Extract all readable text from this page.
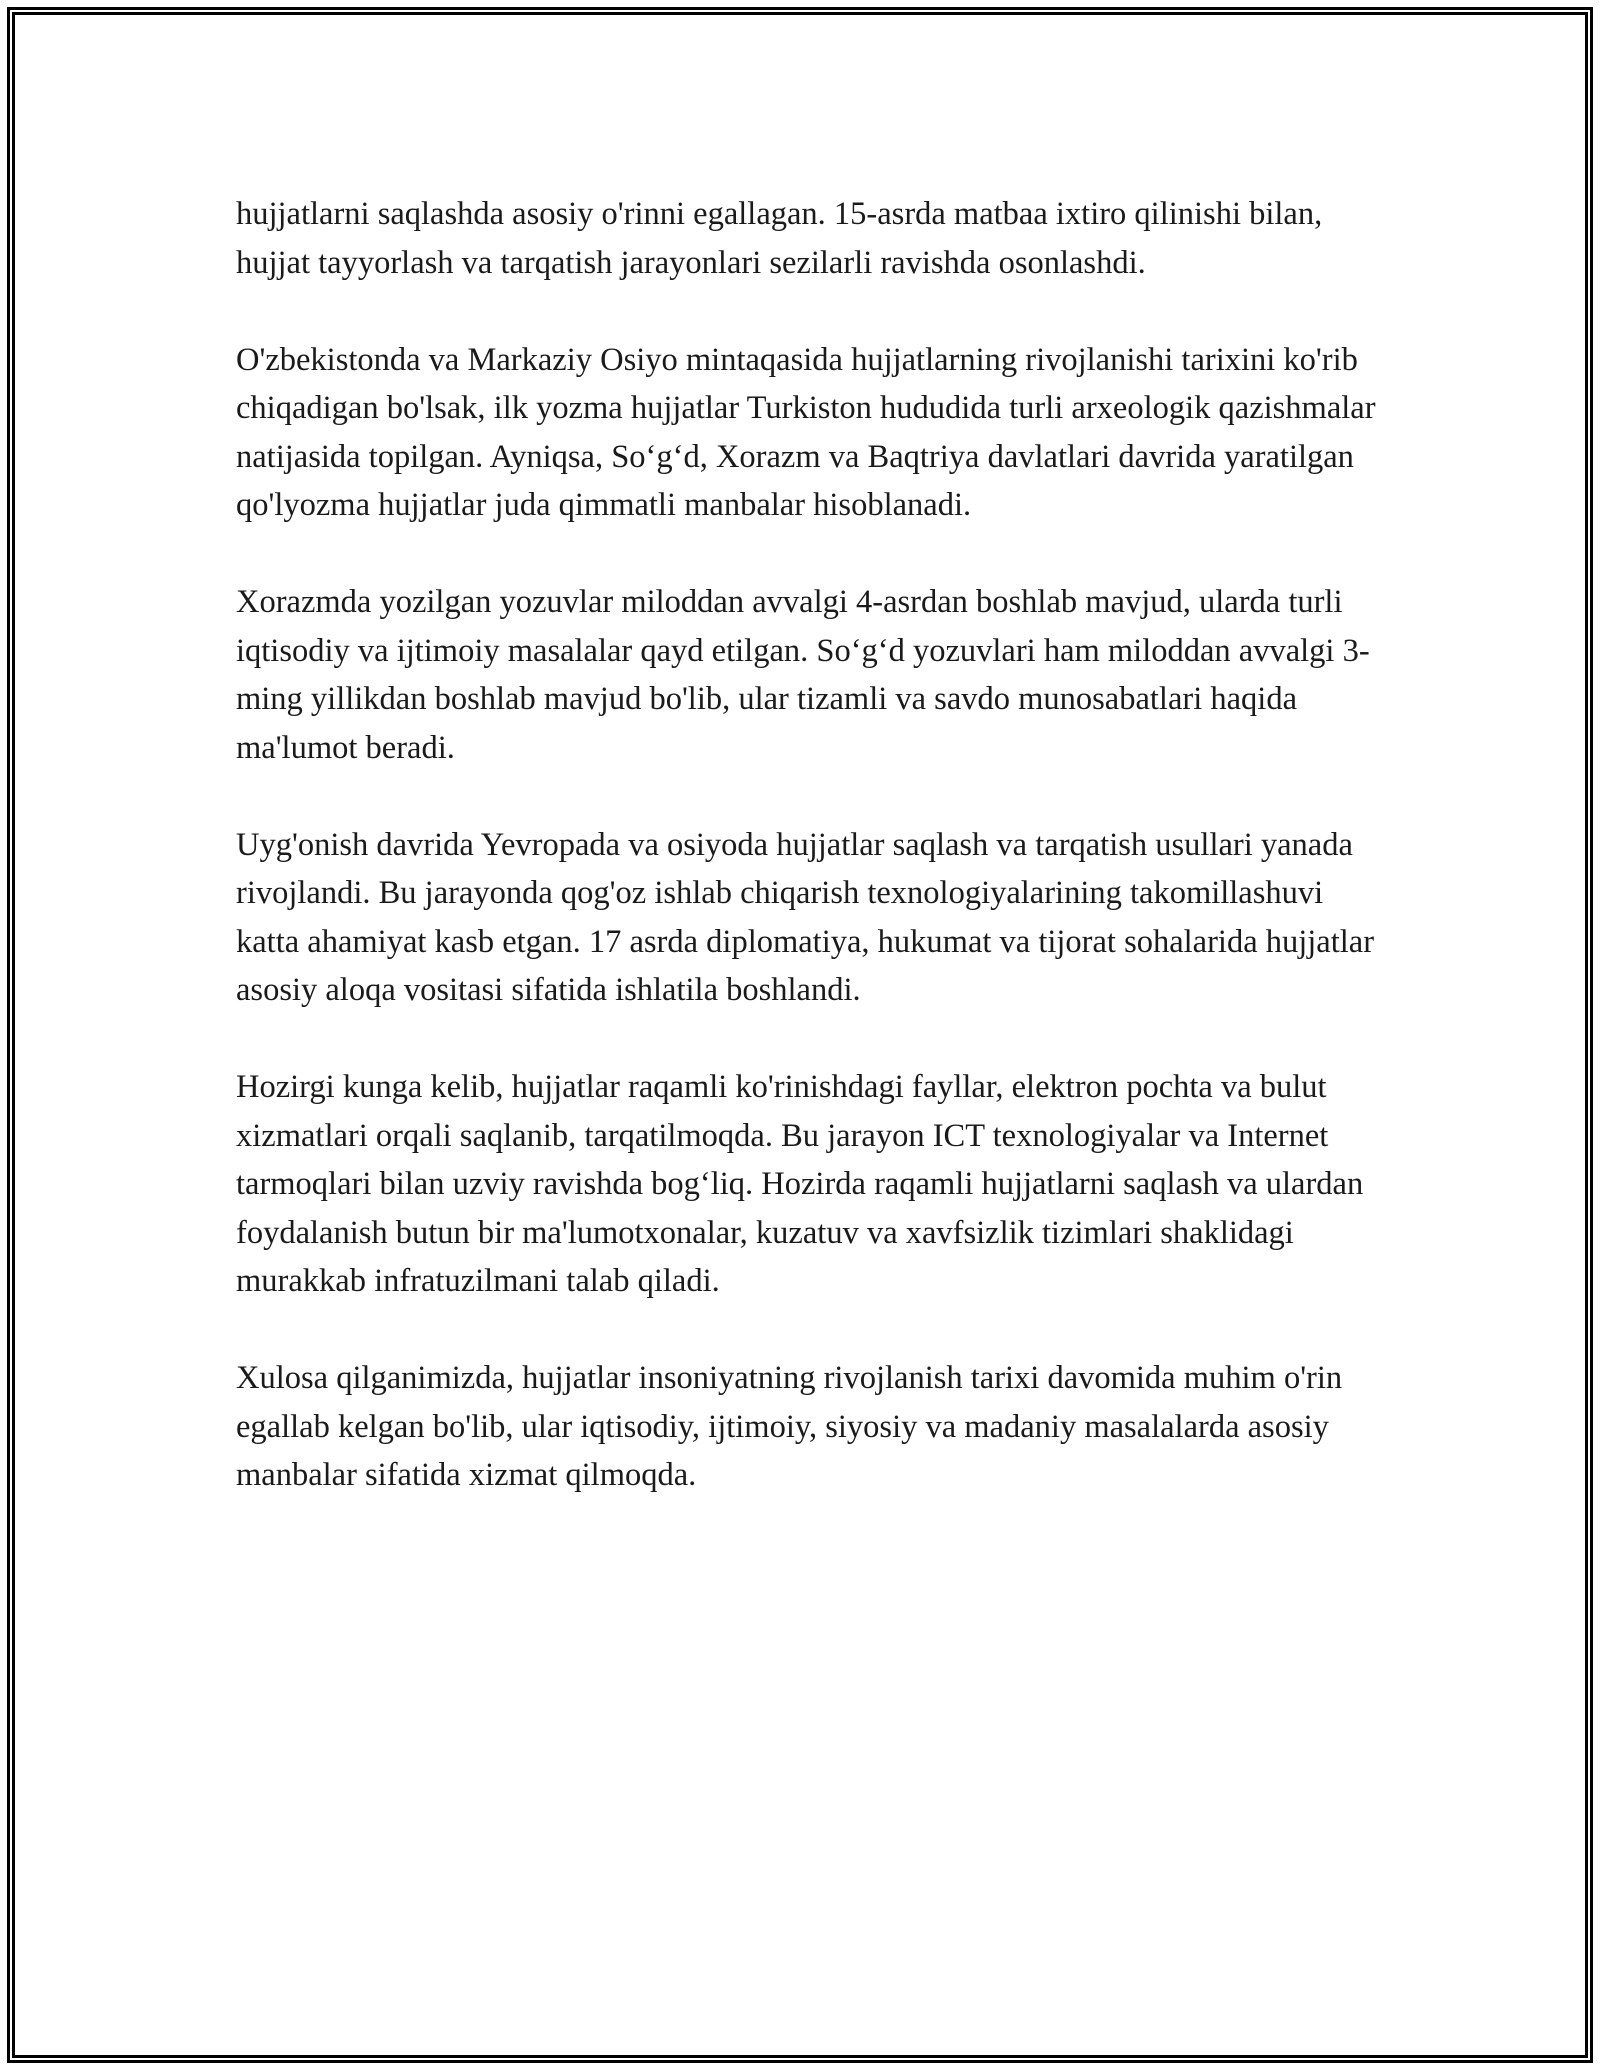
hujjatlarni saqlashda asosiy o'rinni egallagan. 15-asrda matbaa ixtiro qilinishi bilan, hujjat tayyorlash va tarqatish jarayonlari sezilarli ravishda osonlashdi.

O'zbekistonda va Markaziy Osiyo mintaqasida hujjatlarning rivojlanishi tarixini ko'rib chiqadigan bo'lsak, ilk yozma hujjatlar Turkiston hududida turli arxeologik qazishmalar natijasida topilgan. Ayniqsa, So‘g‘d, Xorazm va Baqtriya davlatlari davrida yaratilgan qo'lyozma hujjatlar juda qimmatli manbalar hisoblanadi.

Xorazmda yozilgan yozuvlar miloddan avvalgi 4-asrdan boshlab mavjud, ularda turli iqtisodiy va ijtimoiy masalalar qayd etilgan. So‘g‘d yozuvlari ham miloddan avvalgi 3-ming yillikdan boshlab mavjud bo'lib, ular tizamli va savdo munosabatlari haqida ma'lumot beradi.

Uyg'onish davrida Yevropada va osiyoda hujjatlar saqlash va tarqatish usullari yanada rivojlandi. Bu jarayonda qog'oz ishlab chiqarish texnologiyalarining takomillashuvi katta ahamiyat kasb etgan. 17 asrda diplomatiya, hukumat va tijorat sohalarida hujjatlar asosiy aloqa vositasi sifatida ishlatila boshlandi.

Hozirgi kunga kelib, hujjatlar raqamli ko'rinishdagi fayllar, elektron pochta va bulut xizmatlari orqali saqlanib, tarqatilmoqda. Bu jarayon ICT texnologiyalar va Internet tarmoqlari bilan uzviy ravishda bog‘liq. Hozirda raqamli hujjatlarni saqlash va ulardan foydalanish butun bir ma'lumotxonalar, kuzatuv va xavfsizlik tizimlari shaklidagi murakkab infratuzilmani talab qiladi.

Xulosa qilganimizda, hujjatlar insoniyatning rivojlanish tarixi davomida muhim o'rin egallab kelgan bo'lib, ular iqtisodiy, ijtimoiy, siyosiy va madaniy masalalarda asosiy manbalar sifatida xizmat qilmoqda.
